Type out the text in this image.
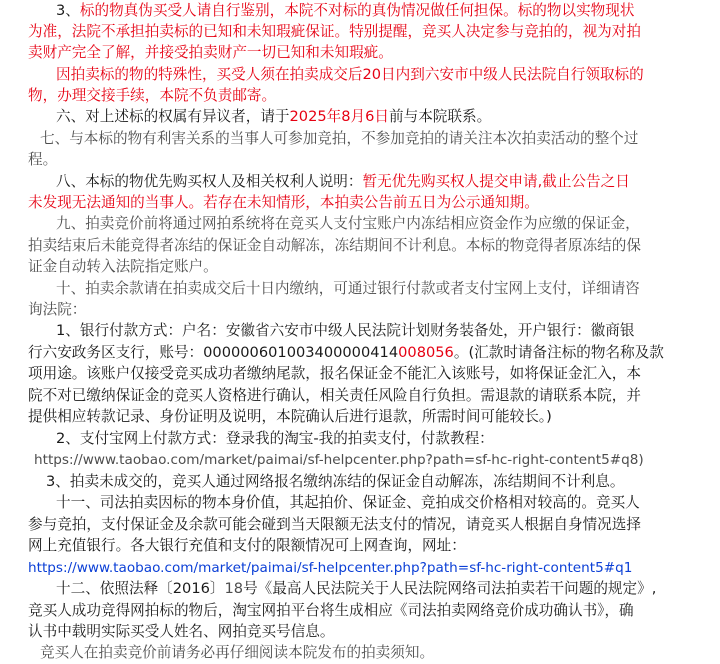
3、标的物真伪买受人请自行鉴别，本院不对标的真伪情况做任何担保。标的物以实物现状
为准，法院不承担拍卖标的已知和未知瑕疵保证。特别提醒，竞买人决定参与竞拍的，视为对拍
卖财产完全了解，并接受拍卖财产一切已知和未知瑕疵。
因拍卖标的物的特殊性，买受人须在拍卖成交后20日内到六安市中级人民法院自行领取标的
物，办理交接手续，本院不负责邮寄。
六、对上述标的权属有异议者，请于2025年8月6日前与本院联系。
七、与本标的物有利害关系的当事人可参加竞拍，不参加竞拍的请关注本次拍卖活动的整个过
程。
八、本标的物优先购买权人及相关权利人说明：暂无优先购买权人提交申请,截止公告之日
未发现无法通知的当事人。若存在未知情形，本拍卖公告前五日为公示通知期。
九、拍卖竞价前将通过网拍系统将在竞买人支付宝账户内冻结相应资金作为应缴的保证金，
拍卖结束后未能竞得者冻结的保证金自动解冻，冻结期间不计利息。本标的物竞得者原冻结的保
证金自动转入法院指定账户。
十、拍卖余款请在拍卖成交后十日内缴纳，可通过银行付款或者支付宝网上支付，详细请咨
询法院：
1、银行付款方式：户名：安徽省六安市中级人民法院计划财务装备处，开户银行：徽商银
行六安政务区支行，账号：000000601003400000414008056。(汇款时请备注标的物名称及款
项用途。该账户仅接受竞买成功者缴纳尾款，报名保证金不能汇入该账号，如将保证金汇入，本
院不对已缴纳保证金的竞买人资格进行确认，相关责任风险自行负担。需退款的请联系本院，并
提供相应转款记录、身份证明及说明，本院确认后进行退款，所需时间可能较长。)
2、支付宝网上付款方式：登录我的淘宝-我的拍卖支付，付款教程：
https://www.taobao.com/market/paimai/sf-helpcenter.php?path=sf-hc-right-content5#q8)
3、拍卖未成交的，竞买人通过网络报名缴纳冻结的保证金自动解冻，冻结期间不计利息。
十一、司法拍卖因标的物本身价值，其起拍价、保证金、竞拍成交价格相对较高的。竞买人
参与竞拍，支付保证金及余款可能会碰到当天限额无法支付的情况，请竞买人根据自身情况选择
网上充值银行。各大银行充值和支付的限额情况可上网查询，网址：
https://www.taobao.com/market/paimai/sf-helpcenter.php?path=sf-hc-right-content5#q1
十二、依照法释〔2016〕18号《最高人民法院关于人民法院网络司法拍卖若干问题的规定》,
竞买人成功竞得网拍标的物后，淘宝网拍平台将生成相应《司法拍卖网络竞价成功确认书》，确
认书中载明实际买受人姓名、网拍竞买号信息。
竞买人在拍卖竞价前请务必再仔细阅读本院发布的拍卖须知。
